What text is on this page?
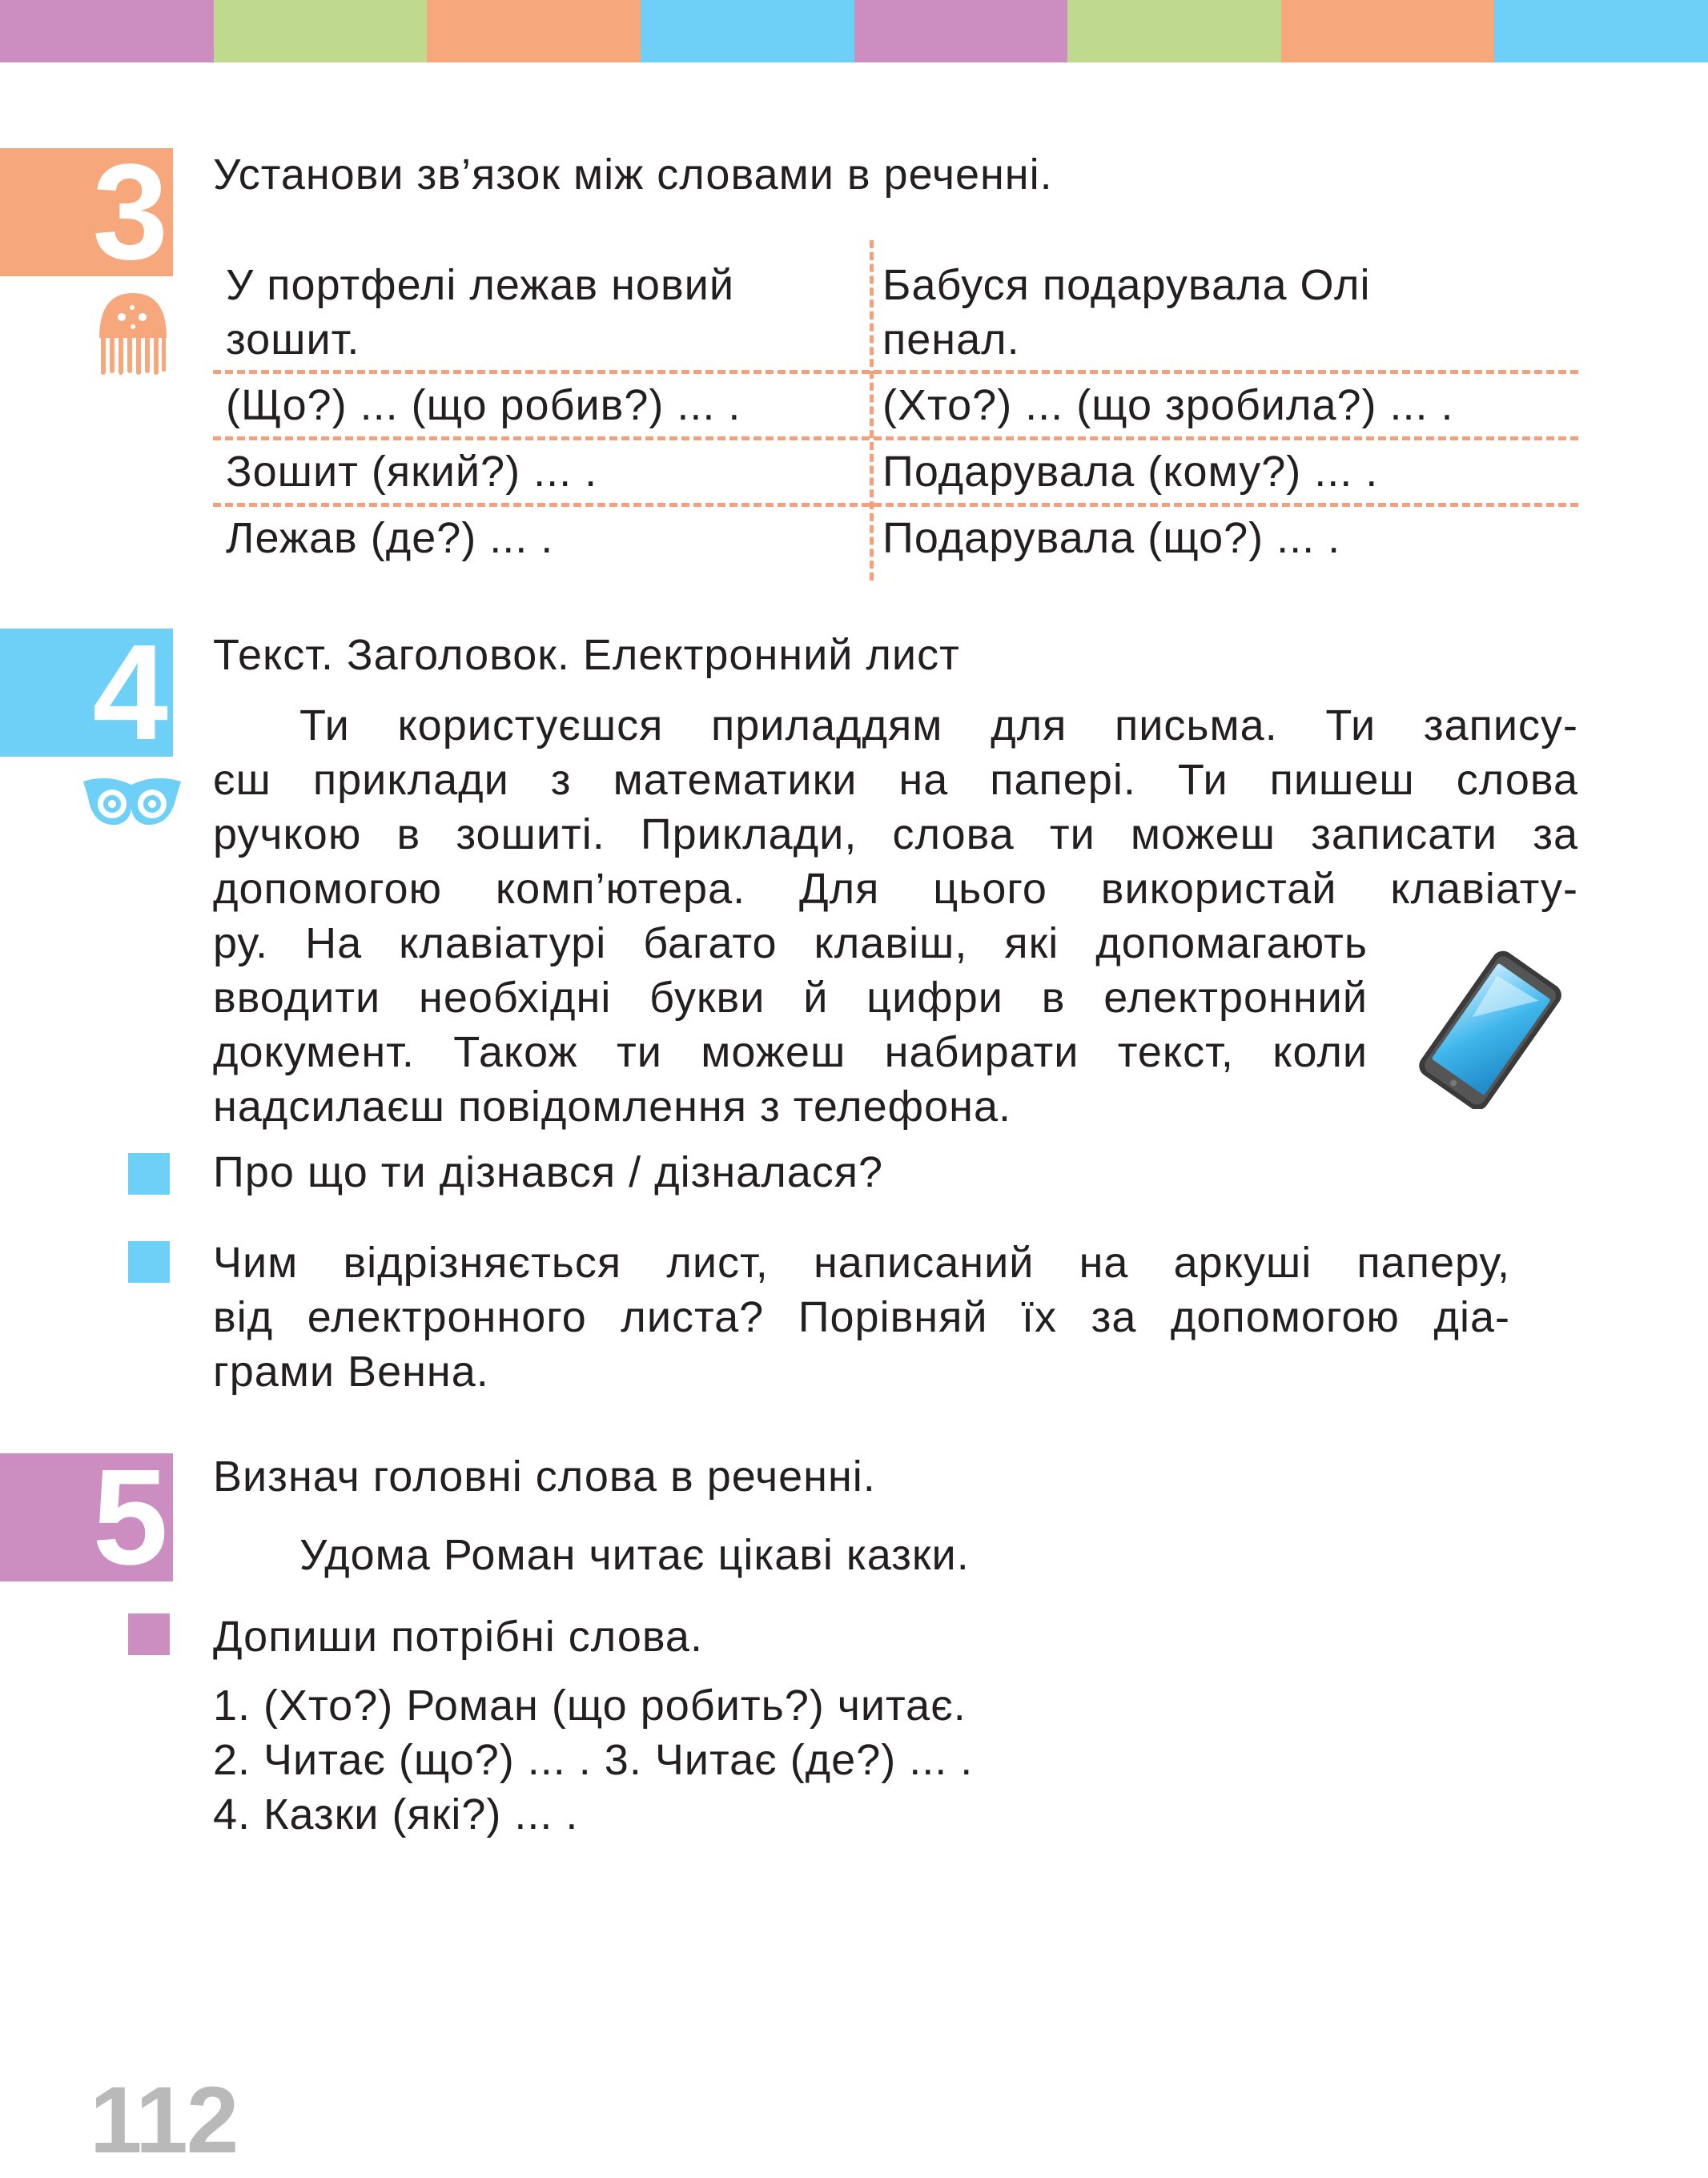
3 Установи зв’язок між словами в реченні.
У портфелі лежав новий
зошит.
Бабуся подарувала Олі
пенал.
(Що?) ... (що робив?) ... .
Зошит (який?) ... .
Лежав (де?) ... .
(Хто?) ... (що зробила?) ... .
Подарувала (кому?) ... .
Подарувала (що?) ... .
4 Текст. Заголовок. Електронний лист
Ти користуєшся приладдям для письма. Ти запису-
єш приклади з математики на папері. Ти пишеш слова
ручкою в зошиті. Приклади, слова ти можеш записати за
допомогою комп’ютера. Для цього використай клавіату-
ру. На клавіатурі багато клавіш, які допомагають
вводити необхідні букви й цифри в електронний
документ. Також ти можеш набирати текст, коли
надсилаєш повідомлення з телефона.
Про що ти дізнався / дізналася?
Чим відрізняється лист, написаний на аркуші паперу,
від електронного листа? Порівняй їх за допомогою діа-
грами Венна.
5 Визнач головні слова в реченні.
Удома Роман читає цікаві казки.
Допиши потрібні слова.
1. (Хто?) Роман (що робить?) читає.
2. Читає (що?) ... . 3. Читає (де?) ... .
4. Казки (які?) ... .
112
